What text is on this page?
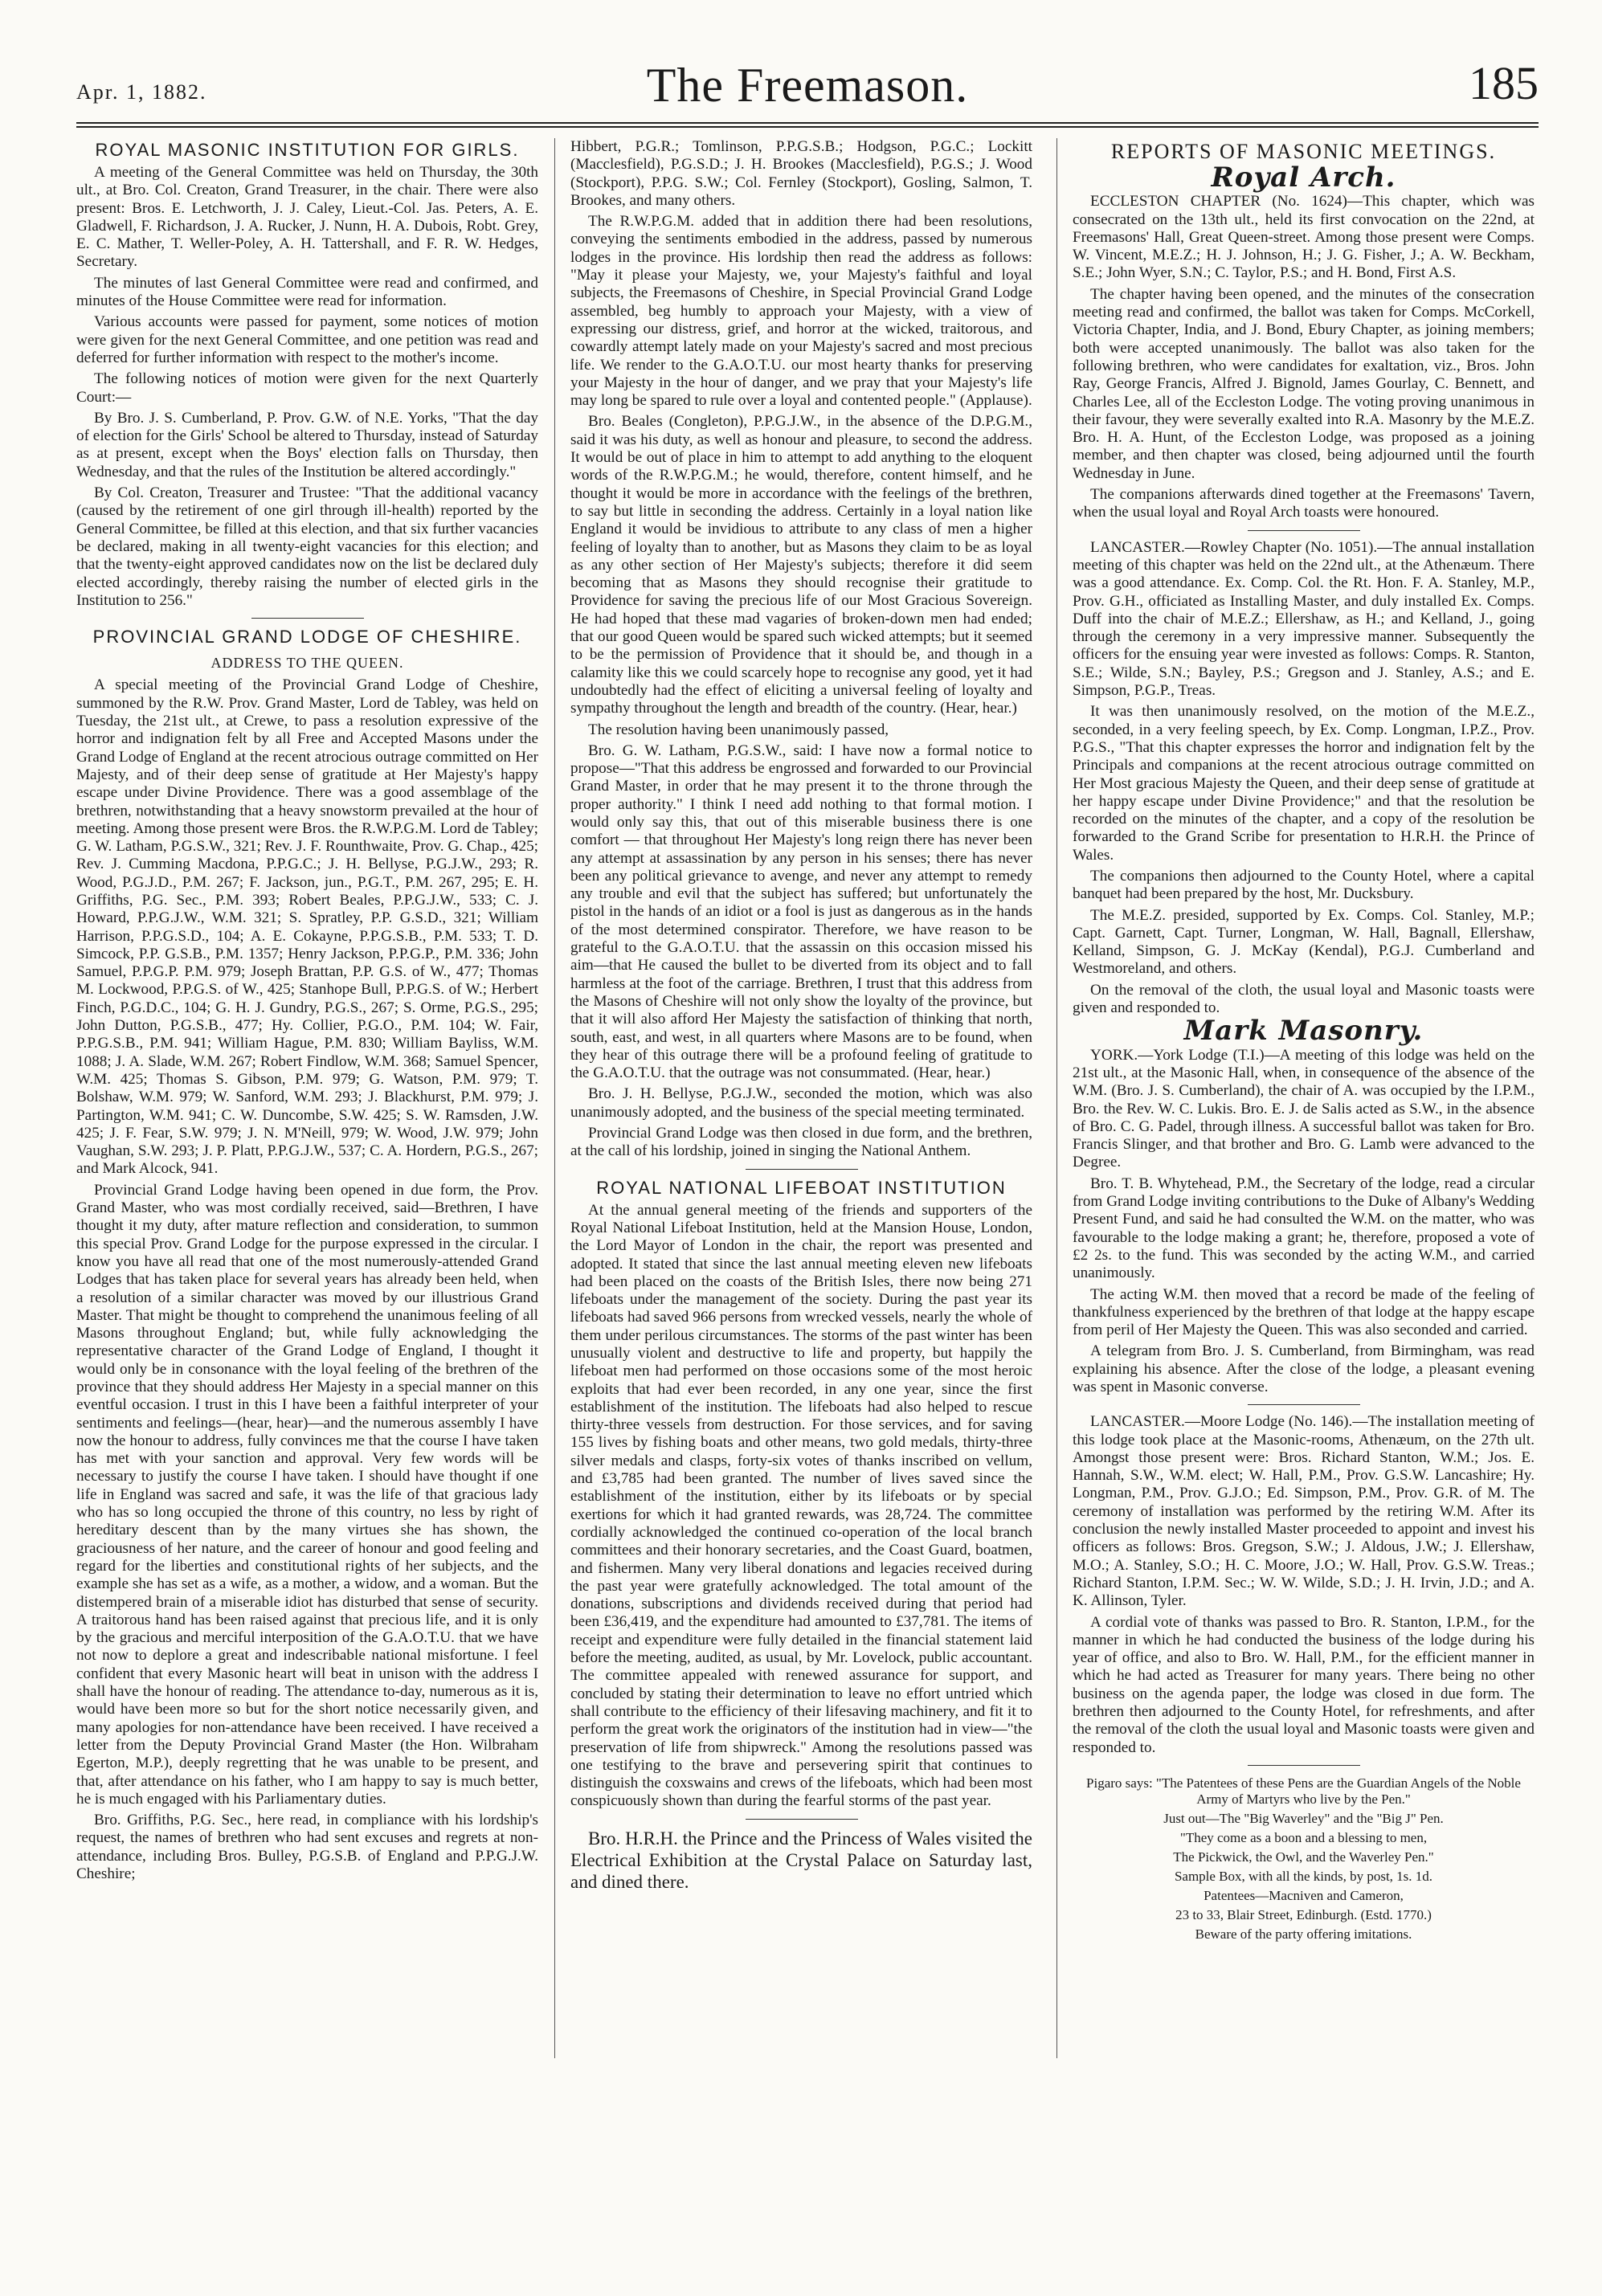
Apr. 1, 1882.	The Freemason.	185
ROYAL MASONIC INSTITUTION FOR GIRLS.

A meeting of the General Committee was held on Thursday, the 30th ult., at Bro. Col. Creaton, Grand Treasurer, in the chair. There were also present: Bros. E. Letchworth, J. J. Caley, Lieut.-Col. Jas. Peters, A. E. Gladwell, F. Richardson, J. A. Rucker, J. Nunn, H. A. Dubois, Robt. Grey, E. C. Mather, T. Weller-Poley, A. H. Tattershall, and F. R. W. Hedges, Secretary.

The minutes of last General Committee were read and confirmed, and minutes of the House Committee were read for information.

Various accounts were passed for payment, some notices of motion were given for the next General Committee, and one petition was read and deferred for further information with respect to the mother's income.

The following notices of motion were given for the next Quarterly Court:—

By Bro. J. S. Cumberland, P. Prov. G.W. of N.E. Yorks, "That the day of election for the Girls' School be altered to Thursday, instead of Saturday as at present, except when the Boys' election falls on Thursday, then Wednesday, and that the rules of the Institution be altered accordingly."

By Col. Creaton, Treasurer and Trustee: "That the additional vacancy (caused by the retirement of one girl through ill-health) reported by the General Committee, be filled at this election, and that six further vacancies be declared, making in all twenty-eight vacancies for this election; and that the twenty-eight approved candidates now on the list be declared duly elected accordingly, thereby raising the number of elected girls in the Institution to 256."

PROVINCIAL GRAND LODGE OF CHESHIRE.
ADDRESS TO THE QUEEN.

A special meeting of the Provincial Grand Lodge of Cheshire, summoned by the R.W. Prov. Grand Master, Lord de Tabley, was held on Tuesday, the 21st ult., at Crewe, to pass a resolution expressive of the horror and indignation felt by all Free and Accepted Masons under the Grand Lodge of England at the recent atrocious outrage committed on Her Majesty, and of their deep sense of gratitude at Her Majesty's happy escape under Divine Providence. There was a good assemblage of the brethren, notwithstanding that a heavy snowstorm prevailed at the hour of meeting. Among those present were Bros. the R.W.P.G.M. Lord de Tabley; G. W. Latham, P.G.S.W., 321; Rev. J. F. Rounthwaite, Prov. G. Chap., 425; Rev. J. Cumming Macdona, P.P.G.C.; J. H. Bellyse, P.G.J.W., 293; R. Wood, P.G.J.D., P.M. 267; F. Jackson, jun., P.G.T., P.M. 267, 295; E. H. Griffiths, P.G. Sec., P.M. 393; Robert Beales, P.P.G.J.W., 533; C. J. Howard, P.P.G.J.W., W.M. 321; S. Spratley, P.P. G.S.D., 321; William Harrison, P.P.G.S.D., 104; A. E. Cokayne, P.P.G.S.B., P.M. 533; T. D. Simcock, P.P. G.S.B., P.M. 1357; Henry Jackson, P.P.G.P., P.M. 336; John Samuel, P.P.G.P. P.M. 979; Joseph Brattan, P.P. G.S. of W., 477; Thomas M. Lockwood, P.P.G.S. of W., 425; Stanhope Bull, P.P.G.S. of W.; Herbert Finch, P.G.D.C., 104; G. H. J. Gundry, P.G.S., 267; S. Orme, P.G.S., 295; John Dutton, P.G.S.B., 477; Hy. Collier, P.G.O., P.M. 104; W. Fair, P.P.G.S.B., P.M. 941; William Hague, P.M. 830; William Bayliss, W.M. 1088; J. A. Slade, W.M. 267; Robert Findlow, W.M. 368; Samuel Spencer, W.M. 425; Thomas S. Gibson, P.M. 979; G. Watson, P.M. 979; T. Bolshaw, W.M. 979; W. Sanford, W.M. 293; J. Blackhurst, P.M. 979; J. Partington, W.M. 941; C. W. Duncombe, S.W. 425; S. W. Ramsden, J.W. 425; J. F. Fear, S.W. 979; J. N. M'Neill, 979; W. Wood, J.W. 979; John Vaughan, S.W. 293; J. P. Platt, P.P.G.J.W., 537; C. A. Hordern, P.G.S., 267; and Mark Alcock, 941.

Provincial Grand Lodge having been opened in due form, the Prov. Grand Master, who was most cordially received, said—Brethren, I have thought it my duty, after mature reflection and consideration, to summon this special Prov. Grand Lodge for the purpose expressed in the circular. I know you have all read that one of the most numerously-attended Grand Lodges that has taken place for several years has already been held, when a resolution of a similar character was moved by our illustrious Grand Master. That might be thought to comprehend the unanimous feeling of all Masons throughout England; but, while fully acknowledging the representative character of the Grand Lodge of England, I thought it would only be in consonance with the loyal feeling of the brethren of the province that they should address Her Majesty in a special manner on this eventful occasion. I trust in this I have been a faithful interpreter of your sentiments and feelings—(hear, hear)—and the numerous assembly I have now the honour to address, fully convinces me that the course I have taken has met with your sanction and approval. Very few words will be necessary to justify the course I have taken. I should have thought if one life in England was sacred and safe, it was the life of that gracious lady who has so long occupied the throne of this country, no less by right of hereditary descent than by the many virtues she has shown, the graciousness of her nature, and the career of honour and good feeling and regard for the liberties and constitutional rights of her subjects, and the example she has set as a wife, as a mother, a widow, and a woman. But the distempered brain of a miserable idiot has disturbed that sense of security. A traitorous hand has been raised against that precious life, and it is only by the gracious and merciful interposition of the G.A.O.T.U. that we have not now to deplore a great and indescribable national misfortune. I feel confident that every Masonic heart will beat in unison with the address I shall have the honour of reading. The attendance to-day, numerous as it is, would have been more so but for the short notice necessarily given, and many apologies for non-attendance have been received. I have received a letter from the Deputy Provincial Grand Master (the Hon. Wilbraham Egerton, M.P.), deeply regretting that he was unable to be present, and that, after attendance on his father, who I am happy to say is much better, he is much engaged with his Parliamentary duties.

Bro. Griffiths, P.G. Sec., here read, in compliance with his lordship's request, the names of brethren who had sent excuses and regrets at non-attendance, including Bros. Bulley, P.G.S.B. of England and P.P.G.J.W. Cheshire;

Hibbert, P.G.R.; Tomlinson, P.P.G.S.B.; Hodgson, P.G.C.; Lockitt (Macclesfield), P.G.S.D.; J. H. Brookes (Macclesfield), P.G.S.; J. Wood (Stockport), P.P.G. S.W.; Col. Fernley (Stockport), Gosling, Salmon, T. Brookes, and many others.

The R.W.P.G.M. added that in addition there had been resolutions, conveying the sentiments embodied in the address, passed by numerous lodges in the province. His lordship then read the address as follows: "May it please your Majesty, we, your Majesty's faithful and loyal subjects, the Freemasons of Cheshire, in Special Provincial Grand Lodge assembled, beg humbly to approach your Majesty, with a view of expressing our distress, grief, and horror at the wicked, traitorous, and cowardly attempt lately made on your Majesty's sacred and most precious life. We render to the G.A.O.T.U. our most hearty thanks for preserving your Majesty in the hour of danger, and we pray that your Majesty's life may long be spared to rule over a loyal and contented people." (Applause).

Bro. Beales (Congleton), P.P.G.J.W., in the absence of the D.P.G.M., said it was his duty, as well as honour and pleasure, to second the address. It would be out of place in him to attempt to add anything to the eloquent words of the R.W.P.G.M.; he would, therefore, content himself, and he thought it would be more in accordance with the feelings of the brethren, to say but little in seconding the address. Certainly in a loyal nation like England it would be invidious to attribute to any class of men a higher feeling of loyalty than to another, but as Masons they claim to be as loyal as any other section of Her Majesty's subjects; therefore it did seem becoming that as Masons they should recognise their gratitude to Providence for saving the precious life of our Most Gracious Sovereign. He had hoped that these mad vagaries of broken-down men had ended; that our good Queen would be spared such wicked attempts; but it seemed to be the permission of Providence that it should be, and though in a calamity like this we could scarcely hope to recognise any good, yet it had undoubtedly had the effect of eliciting a universal feeling of loyalty and sympathy throughout the length and breadth of the country. (Hear, hear.)

The resolution having been unanimously passed,

Bro. G. W. Latham, P.G.S.W., said: I have now a formal notice to propose—"That this address be engrossed and forwarded to our Provincial Grand Master, in order that he may present it to the throne through the proper authority." I think I need add nothing to that formal motion. I would only say this, that out of this miserable business there is one comfort — that throughout Her Majesty's long reign there has never been any attempt at assassination by any person in his senses; there has never been any political grievance to avenge, and never any attempt to remedy any trouble and evil that the subject has suffered; but unfortunately the pistol in the hands of an idiot or a fool is just as dangerous as in the hands of the most determined conspirator. Therefore, we have reason to be grateful to the G.A.O.T.U. that the assassin on this occasion missed his aim—that He caused the bullet to be diverted from its object and to fall harmless at the foot of the carriage. Brethren, I trust that this address from the Masons of Cheshire will not only show the loyalty of the province, but that it will also afford Her Majesty the satisfaction of thinking that north, south, east, and west, in all quarters where Masons are to be found, when they hear of this outrage there will be a profound feeling of gratitude to the G.A.O.T.U. that the outrage was not consummated. (Hear, hear.)

Bro. J. H. Bellyse, P.G.J.W., seconded the motion, which was also unanimously adopted, and the business of the special meeting terminated.

Provincial Grand Lodge was then closed in due form, and the brethren, at the call of his lordship, joined in singing the National Anthem.

ROYAL NATIONAL LIFEBOAT INSTITUTION

At the annual general meeting of the friends and supporters of the Royal National Lifeboat Institution, held at the Mansion House, London, the Lord Mayor of London in the chair, the report was presented and adopted. It stated that since the last annual meeting eleven new lifeboats had been placed on the coasts of the British Isles, there now being 271 lifeboats under the management of the society. During the past year its lifeboats had saved 966 persons from wrecked vessels, nearly the whole of them under perilous circumstances. The storms of the past winter has been unusually violent and destructive to life and property, but happily the lifeboat men had performed on those occasions some of the most heroic exploits that had ever been recorded, in any one year, since the first establishment of the institution. The lifeboats had also helped to rescue thirty-three vessels from destruction. For those services, and for saving 155 lives by fishing boats and other means, two gold medals, thirty-three silver medals and clasps, forty-six votes of thanks inscribed on vellum, and £3,785 had been granted. The number of lives saved since the establishment of the institution, either by its lifeboats or by special exertions for which it had granted rewards, was 28,724. The committee cordially acknowledged the continued co-operation of the local branch committees and their honorary secretaries, and the Coast Guard, boatmen, and fishermen. Many very liberal donations and legacies received during the past year were gratefully acknowledged. The total amount of the donations, subscriptions and dividends received during that period had been £36,419, and the expenditure had amounted to £37,781. The items of receipt and expenditure were fully detailed in the financial statement laid before the meeting, audited, as usual, by Mr. Lovelock, public accountant. The committee appealed with renewed assurance for support, and concluded by stating their determination to leave no effort untried which shall contribute to the efficiency of their lifesaving machinery, and fit it to perform the great work the originators of the institution had in view—"the preservation of life from shipwreck." Among the resolutions passed was one testifying to the brave and persevering spirit that continues to distinguish the coxswains and crews of the lifeboats, which had been most conspicuously shown than during the fearful storms of the past year.

Bro. H.R.H. the Prince and the Princess of Wales visited the Electrical Exhibition at the Crystal Palace on Saturday last, and dined there.

REPORTS OF MASONIC MEETINGS.
Royal Arch.

ECCLESTON CHAPTER (No. 1624)—This chapter, which was consecrated on the 13th ult., held its first convocation on the 22nd, at Freemasons' Hall, Great Queen-street. Among those present were Comps. W. Vincent, M.E.Z.; H. J. Johnson, H.; J. G. Fisher, J.; A. W. Beckham, S.E.; John Wyer, S.N.; C. Taylor, P.S.; and H. Bond, First A.S.

The chapter having been opened, and the minutes of the consecration meeting read and confirmed, the ballot was taken for Comps. McCorkell, Victoria Chapter, India, and J. Bond, Ebury Chapter, as joining members; both were accepted unanimously. The ballot was also taken for the following brethren, who were candidates for exaltation, viz., Bros. John Ray, George Francis, Alfred J. Bignold, James Gourlay, C. Bennett, and Charles Lee, all of the Eccleston Lodge. The voting proving unanimous in their favour, they were severally exalted into R.A. Masonry by the M.E.Z. Bro. H. A. Hunt, of the Eccleston Lodge, was proposed as a joining member, and then chapter was closed, being adjourned until the fourth Wednesday in June.

The companions afterwards dined together at the Freemasons' Tavern, when the usual loyal and Royal Arch toasts were honoured.

LANCASTER.—Rowley Chapter (No. 1051).—The annual installation meeting of this chapter was held on the 22nd ult., at the Athenæum. There was a good attendance. Ex. Comp. Col. the Rt. Hon. F. A. Stanley, M.P., Prov. G.H., officiated as Installing Master, and duly installed Ex. Comps. Duff into the chair of M.E.Z.; Ellershaw, as H.; and Kelland, J., going through the ceremony in a very impressive manner. Subsequently the officers for the ensuing year were invested as follows: Comps. R. Stanton, S.E.; Wilde, S.N.; Bayley, P.S.; Gregson and J. Stanley, A.S.; and E. Simpson, P.G.P., Treas.

It was then unanimously resolved, on the motion of the M.E.Z., seconded, in a very feeling speech, by Ex. Comp. Longman, I.P.Z., Prov. P.G.S., "That this chapter expresses the horror and indignation felt by the Principals and companions at the recent atrocious outrage committed on Her Most gracious Majesty the Queen, and their deep sense of gratitude at her happy escape under Divine Providence;" and that the resolution be recorded on the minutes of the chapter, and a copy of the resolution be forwarded to the Grand Scribe for presentation to H.R.H. the Prince of Wales.

The companions then adjourned to the County Hotel, where a capital banquet had been prepared by the host, Mr. Ducksbury.

The M.E.Z. presided, supported by Ex. Comps. Col. Stanley, M.P.; Capt. Garnett, Capt. Turner, Longman, W. Hall, Bagnall, Ellershaw, Kelland, Simpson, G. J. McKay (Kendal), P.G.J. Cumberland and Westmoreland, and others.

On the removal of the cloth, the usual loyal and Masonic toasts were given and responded to.

Mark Masonry.

YORK.—York Lodge (T.I.)—A meeting of this lodge was held on the 21st ult., at the Masonic Hall, when, in consequence of the absence of the W.M. (Bro. J. S. Cumberland), the chair of A. was occupied by the I.P.M., Bro. the Rev. W. C. Lukis. Bro. E. J. de Salis acted as S.W., in the absence of Bro. C. G. Padel, through illness. A successful ballot was taken for Bro. Francis Slinger, and that brother and Bro. G. Lamb were advanced to the Degree.

Bro. T. B. Whytehead, P.M., the Secretary of the lodge, read a circular from Grand Lodge inviting contributions to the Duke of Albany's Wedding Present Fund, and said he had consulted the W.M. on the matter, who was favourable to the lodge making a grant; he, therefore, proposed a vote of £2 2s. to the fund. This was seconded by the acting W.M., and carried unanimously.

The acting W.M. then moved that a record be made of the feeling of thankfulness experienced by the brethren of that lodge at the happy escape from peril of Her Majesty the Queen. This was also seconded and carried.

A telegram from Bro. J. S. Cumberland, from Birmingham, was read explaining his absence. After the close of the lodge, a pleasant evening was spent in Masonic converse.

LANCASTER.—Moore Lodge (No. 146).—The installation meeting of this lodge took place at the Masonic-rooms, Athenæum, on the 27th ult. Amongst those present were: Bros. Richard Stanton, W.M.; Jos. E. Hannah, S.W., W.M. elect; W. Hall, P.M., Prov. G.S.W. Lancashire; Hy. Longman, P.M., Prov. G.J.O.; Ed. Simpson, P.M., Prov. G.R. of M. The ceremony of installation was performed by the retiring W.M. After its conclusion the newly installed Master proceeded to appoint and invest his officers as follows: Bros. Gregson, S.W.; J. Aldous, J.W.; J. Ellershaw, M.O.; A. Stanley, S.O.; H. C. Moore, J.O.; W. Hall, Prov. G.S.W. Treas.; Richard Stanton, I.P.M. Sec.; W. W. Wilde, S.D.; J. H. Irvin, J.D.; and A. K. Allinson, Tyler.

A cordial vote of thanks was passed to Bro. R. Stanton, I.P.M., for the manner in which he had conducted the business of the lodge during his year of office, and also to Bro. W. Hall, P.M., for the efficient manner in which he had acted as Treasurer for many years. There being no other business on the agenda paper, the lodge was closed in due form. The brethren then adjourned to the County Hotel, for refreshments, and after the removal of the cloth the usual loyal and Masonic toasts were given and responded to.

Pigaro says: "The Patentees of these Pens are the Guardian Angels of the Noble Army of Martyrs who live by the Pen."

Just out—The "Big Waverley" and the "Big J" Pen.

"They come as a boon and a blessing to men,

The Pickwick, the Owl, and the Waverley Pen."

Sample Box, with all the kinds, by post, 1s. 1d.

Patentees—Macniven and Cameron,

23 to 33, Blair Street, Edinburgh. (Estd. 1770.)

Beware of the party offering imitations.
